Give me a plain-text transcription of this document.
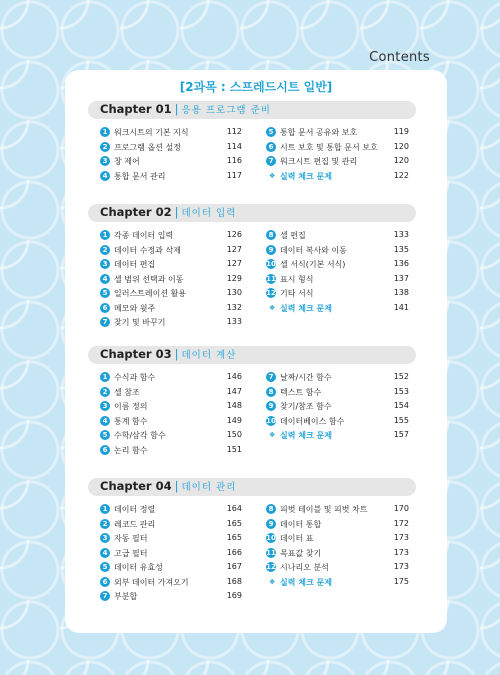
Contents
[2과목 : 스프레드시트 일반]
Chapter 01 | 응용 프로그램 준비
1 워크시트의 기본 지식	112
2 프로그램 옵션 설정	114
3 창 제어	116
4 통합 문서 관리	117
5 통합 문서 공유와 보호	119
6 시트 보호 및 통합 문서 보호 120
7 워크시트 편집 및 관리	120
❖ 실력 체크 문제	122
Chapter 02 | 데이터 입력
1 각종 데이터 입력	126
2 데이터 수정과 삭제	127
3 데이터 편집	127
4 셀 범위 선택과 이동	129
5 일러스트레이션 활용	130
6 메모와 윗주	132
7 찾기 및 바꾸기	133
8 셀 편집	133
9 데이터 복사와 이동	135
10 셀 서식(기본 서식)	136
11 표시 형식	137
12 기타 서식	138
❖ 실력 체크 문제	141
Chapter 03 | 데이터 계산
1 수식과 함수	146
2 셀 참조	147
3 이름 정의	148
4 통계 함수	149
5 수학/삼각 함수	150
6 논리 함수	151
7 날짜/시간 함수	152
8 텍스트 함수	153
9 찾기/참조 함수	154
10 데이터베이스 함수	155
❖ 실력 체크 문제	157
Chapter 04 | 데이터 관리
1 데이터 정렬	164
2 레코드 관리	165
3 자동 필터	165
4 고급 필터	166
5 데이터 유효성	167
6 외부 데이터 가져오기	168
7 부분합	169
8 피벗 테이블 및 피벗 차트	170
9 데이터 통합	172
10 데이터 표	173
11 목표값 찾기	173
12 시나리오 분석	173
❖ 실력 체크 문제	175
